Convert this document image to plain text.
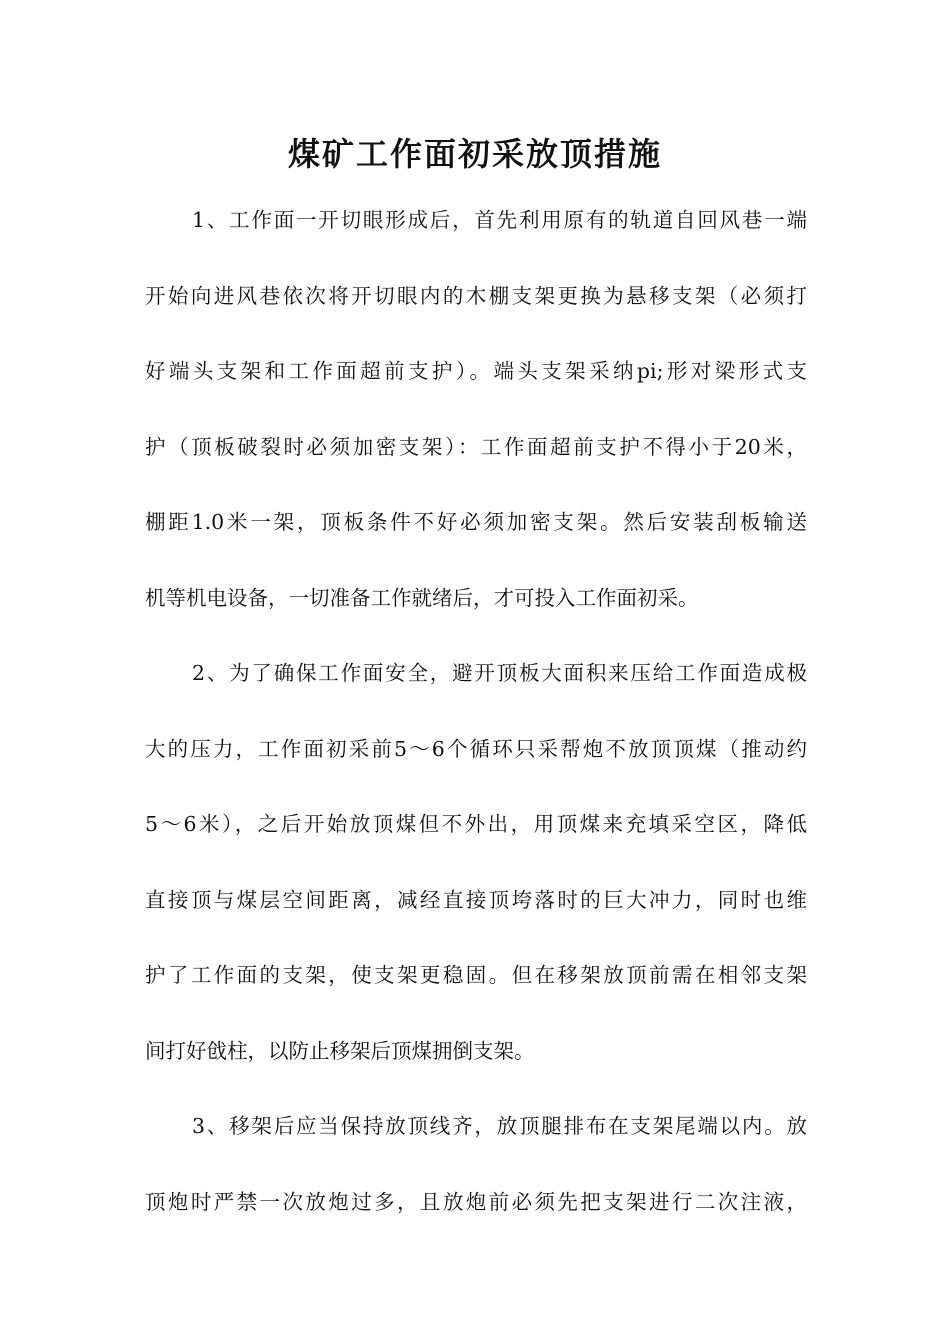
煤矿工作面初采放顶措施
1、工作面一开切眼形成后，首先利用原有的轨道自回风巷一端
开始向进风巷依次将开切眼内的木棚支架更换为悬移支架（必须打
好端头支架和工作面超前支护）。端头支架采纳pi;形对梁形式支
护（顶板破裂时必须加密支架）：工作面超前支护不得小于20米，
棚距1.0米一架，顶板条件不好必须加密支架。然后安装刮板输送
机等机电设备，一切准备工作就绪后，才可投入工作面初采。
2、为了确保工作面安全，避开顶板大面积来压给工作面造成极
大的压力，工作面初采前5～6个循环只采帮炮不放顶顶煤（推动约
5～6米），之后开始放顶煤但不外出，用顶煤来充填采空区，降低
直接顶与煤层空间距离，减经直接顶垮落时的巨大冲力，同时也维
护了工作面的支架，使支架更稳固。但在移架放顶前需在相邻支架
间打好戗柱，以防止移架后顶煤拥倒支架。
3、移架后应当保持放顶线齐，放顶腿排布在支架尾端以内。放
顶炮时严禁一次放炮过多，且放炮前必须先把支架进行二次注液，
